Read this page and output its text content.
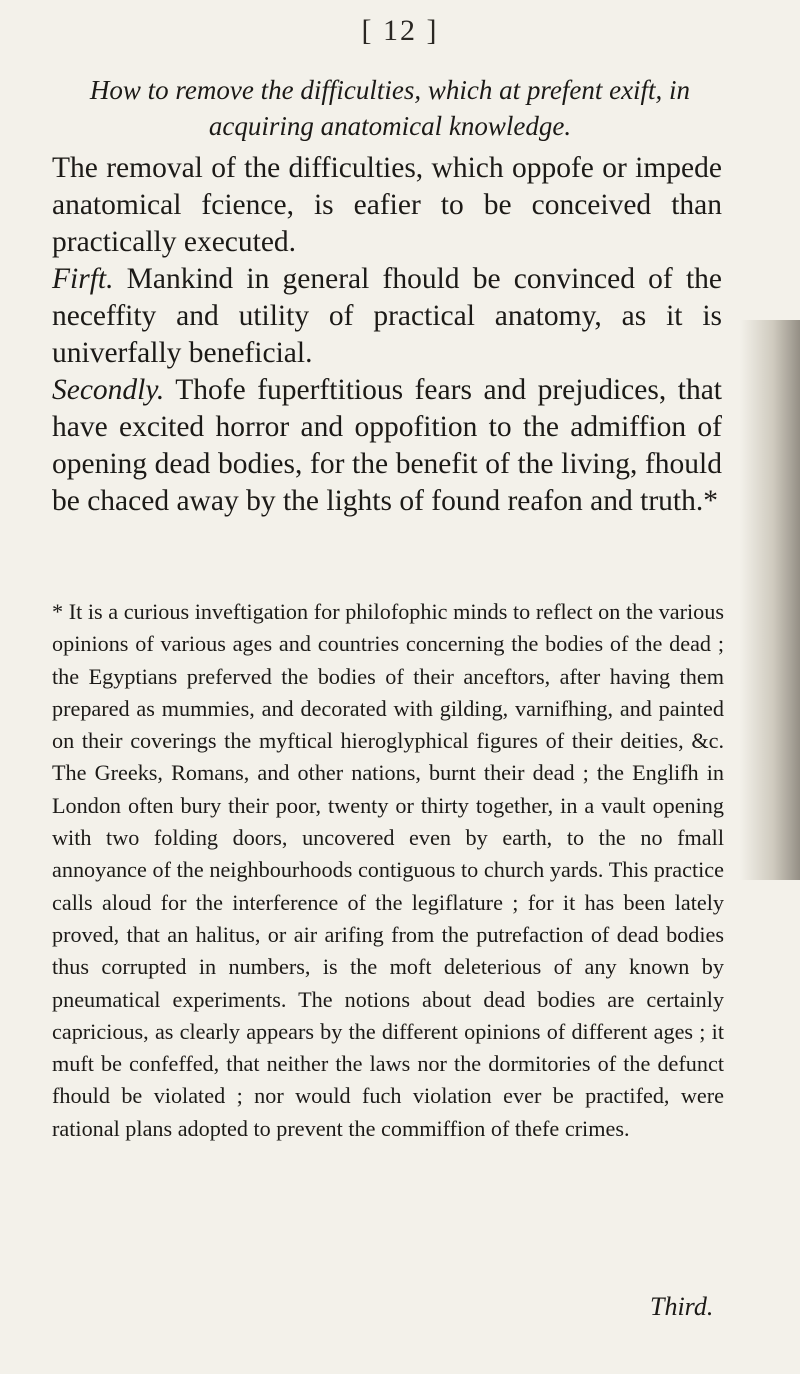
[ 12 ]
How to remove the difficulties, which at prefent exift, in acquiring anatomical knowledge.

The removal of the difficulties, which oppofe or impede anatomical fcience, is eafier to be conceived than practically executed.

Firft. Mankind in general fhould be convinced of the neceffity and utility of practical anatomy, as it is univerfally beneficial.

Secondly. Thofe fuperftitious fears and prejudices, that have excited horror and oppofition to the admiffion of opening dead bodies, for the benefit of the living, fhould be chaced away by the lights of found reafon and truth.*

* It is a curious inveftigation for philofophic minds to reflect on the various opinions of various ages and countries concerning the bodies of the dead ; the Egyptians preferved the bodies of their anceftors, after having them prepared as mummies, and decorated with gilding, varnifhing, and painted on their coverings the myftical hieroglyphical figures of their deities, &c. The Greeks, Romans, and other nations, burnt their dead ; the Englifh in London often bury their poor, twenty or thirty together, in a vault opening with two folding doors, uncovered even by earth, to the no fmall annoyance of the neighbourhoods contiguous to church yards. This practice calls aloud for the interference of the legiflature ; for it has been lately proved, that an halitus, or air arifing from the putrefaction of dead bodies thus corrupted in numbers, is the moft deleterious of any known by pneumatical experiments. The notions about dead bodies are certainly capricious, as clearly appears by the different opinions of different ages ; it muft be confeffed, that neither the laws nor the dormitories of the defunct fhould be violated ; nor would fuch violation ever be practifed, were rational plans adopted to prevent the commiffion of thefe crimes.

Third.
